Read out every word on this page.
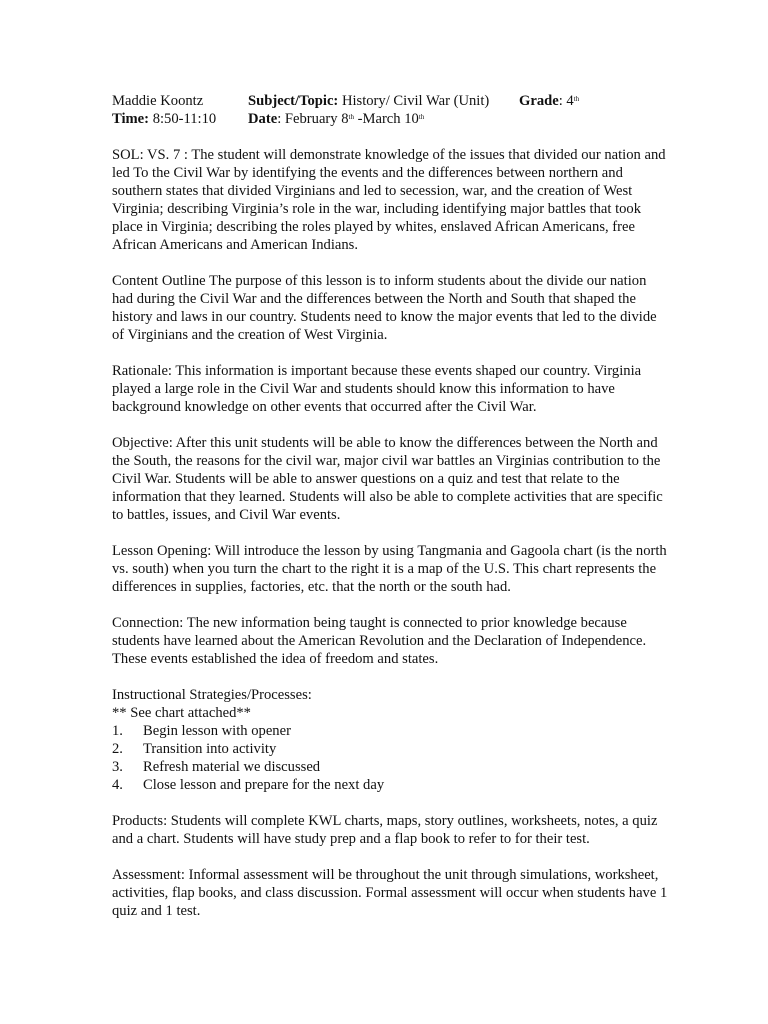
Maddie Koontz	Subject/Topic: History/ Civil War (Unit) Grade: 4th
Time: 8:50-11:10 Date: February 8th -March 10th

SOL: VS. 7 : The student will demonstrate knowledge of the issues that divided our nation and led To the Civil War by identifying the events and the differences between northern and southern states that divided Virginians and led to secession, war, and the creation of West Virginia; describing Virginia’s role in the war, including identifying major battles that took place in Virginia; describing the roles played by whites, enslaved African Americans, free African Americans and American Indians.

Content Outline The purpose of this lesson is to inform students about the divide our nation had during the Civil War and the differences between the North and South that shaped the history and laws in our country. Students need to know the major events that led to the divide of Virginians and the creation of West Virginia.

Rationale: This information is important because these events shaped our country. Virginia played a large role in the Civil War and students should know this information to have background knowledge on other events that occurred after the Civil War.

Objective: After this unit students will be able to know the differences between the North and the South, the reasons for the civil war, major civil war battles an Virginias contribution to the Civil War. Students will be able to answer questions on a quiz and test that relate to the information that they learned. Students will also be able to complete activities that are specific to battles, issues, and Civil War events.

Lesson Opening: Will introduce the lesson by using Tangmania and Gagoola chart (is the north vs. south) when you turn the chart to the right it is a map of the U.S. This chart represents the differences in supplies, factories, etc. that the north or the south had.

Connection: The new information being taught is connected to prior knowledge because students have learned about the American Revolution and the Declaration of Independence. These events established the idea of freedom and states.

Instructional Strategies/Processes:

** See chart attached**

1. Begin lesson with opener
2. Transition into activity
3. Refresh material we discussed
4. Close lesson and prepare for the next day

Products: Students will complete KWL charts, maps, story outlines, worksheets, notes, a quiz and a chart. Students will have study prep and a flap book to refer to for their test.

Assessment: Informal assessment will be throughout the unit through simulations, worksheet,

activities, flap books, and class discussion. Formal assessment will occur when students have 1 quiz and 1 test.
